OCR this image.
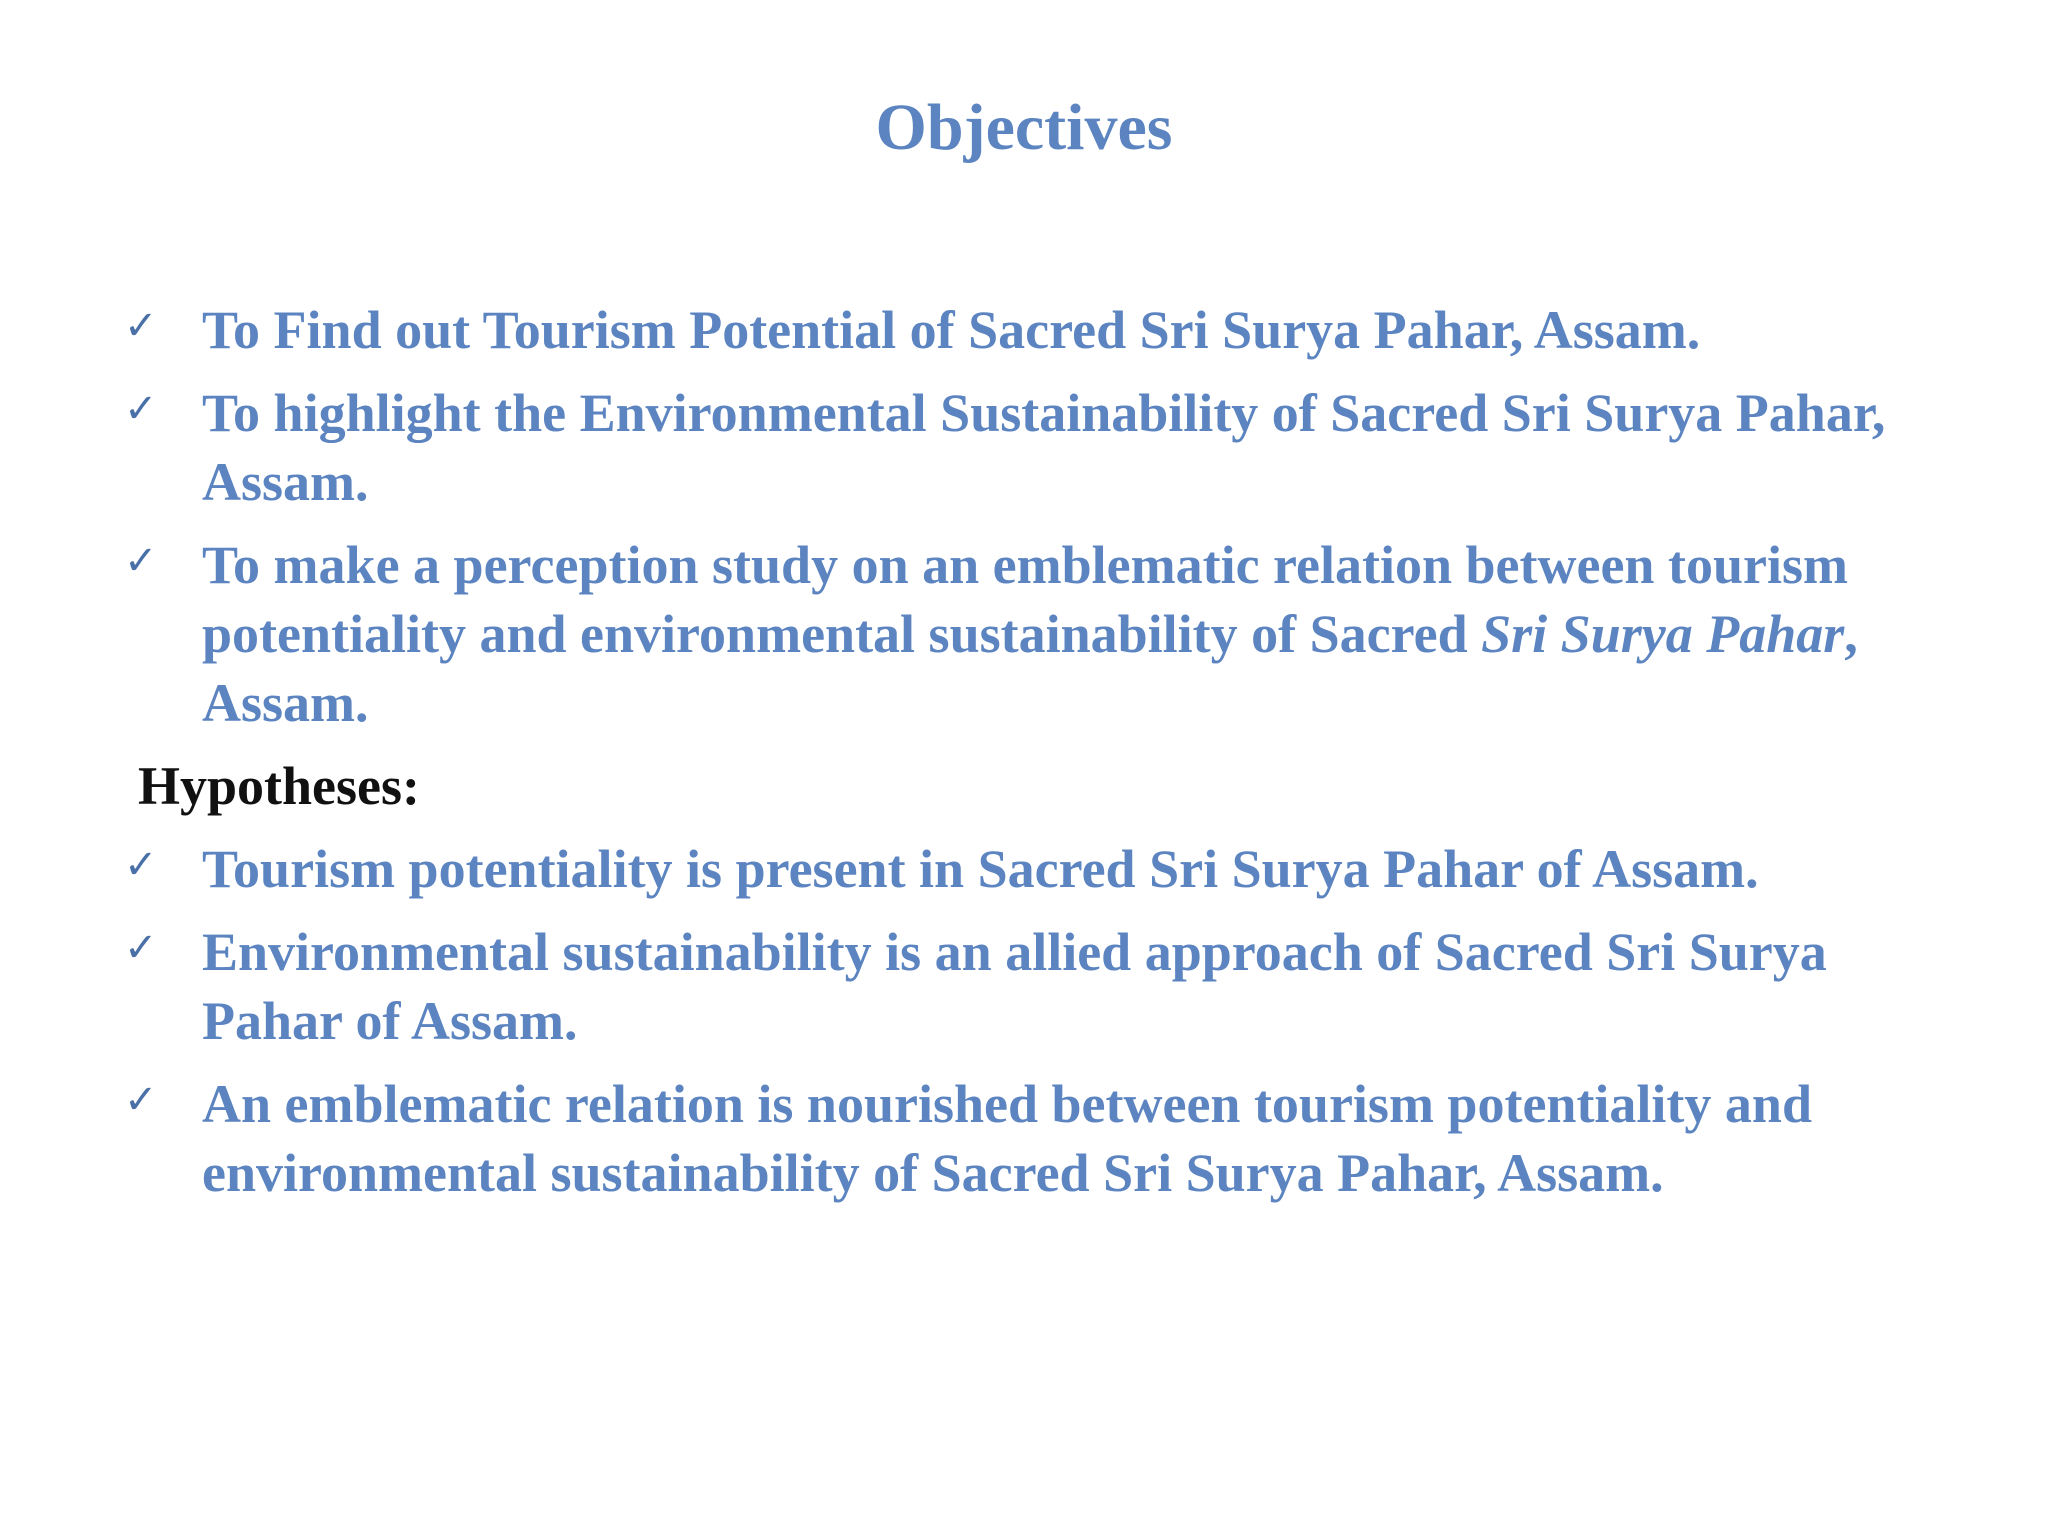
Objectives
✓ To Find out Tourism Potential of Sacred Sri Surya Pahar, Assam.
✓ To highlight the Environmental Sustainability of Sacred Sri Surya Pahar, Assam.
✓ To make a perception study on an emblematic relation between tourism potentiality and environmental sustainability of Sacred Sri Surya Pahar, Assam.
Hypotheses:
✓ Tourism potentiality is present in Sacred Sri Surya Pahar of Assam.
✓ Environmental sustainability is an allied approach of Sacred Sri Surya Pahar of Assam.
✓ An emblematic relation is nourished between tourism potentiality and environmental sustainability of Sacred Sri Surya Pahar, Assam.
